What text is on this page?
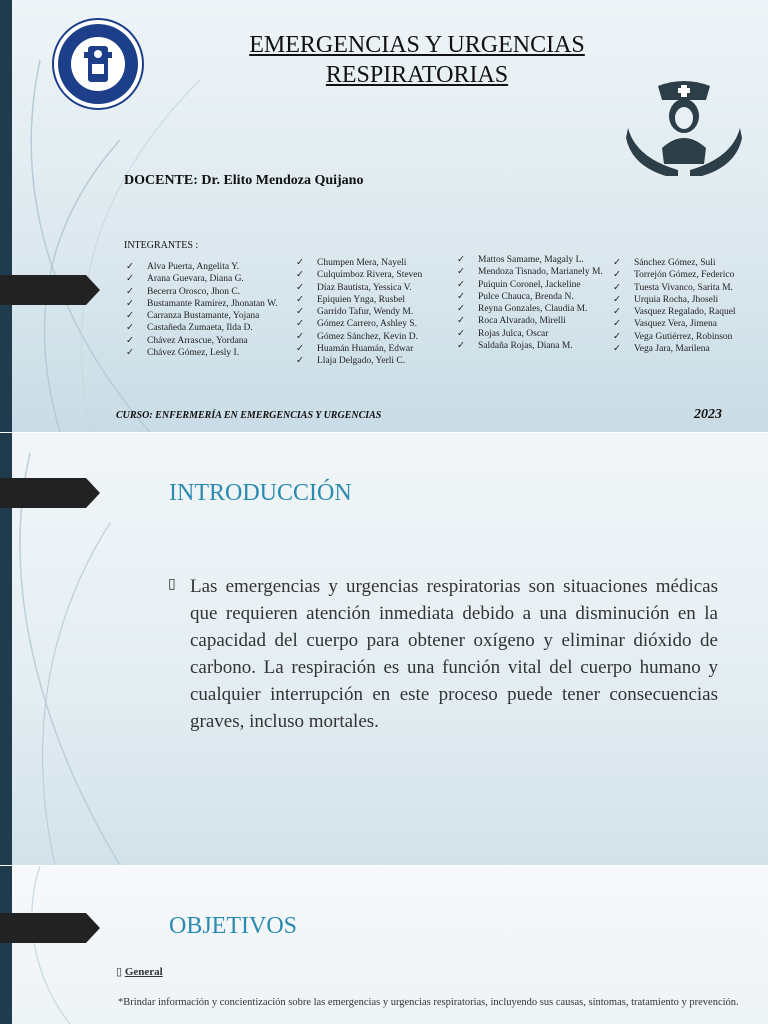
EMERGENCIAS Y URGENCIAS
RESPIRATORIAS
DOCENTE: Dr. Elito Mendoza Quijano
INTEGRANTES :
✓ Alva Puerta, Angelita Y.
✓ Arana Guevara, Diana G.
✓ Becerra Orosco, Jhon C.
✓ Bustamante Ramírez, Jhonatan W.
✓ Carranza Bustamante, Yojana
✓ Castañeda Zumaeta, Ilda D.
✓ Chávez Arrascue, Yordana
✓ Chávez Gómez, Lesly I.
✓ Chumpen Mera, Nayeli
✓ Culquimboz Rivera, Steven
✓ Díaz Bautista, Yessica V.
✓ Epiquien Ynga, Rusbel
✓ Garrido Tafur, Wendy M.
✓ Gómez Carrero, Ashley S.
✓ Gómez Sánchez, Kevin D.
✓ Huamán Huamán, Edwar
✓ Llaja Delgado, Yerli C.
✓ Mattos Samame, Magaly L.
✓ Mendoza Tisnado, Marianely M.
✓ Puiquin Coronel, Jackeline
✓ Pulce Chauca, Brenda N.
✓ Reyna Gonzales, Claudia M.
✓ Roca Alvarado, Mirelli
✓ Rojas Julca, Oscar
✓ Saldaña Rojas, Diana M.
✓ Sánchez Gómez, Suli
✓ Torrejón Gómez, Federico
✓ Tuesta Vivanco, Sarita M.
✓ Urquia Rocha, Jhoseli
✓ Vasquez Regalado, Raquel
✓ Vasquez Vera, Jimena
✓ Vega Gutiérrez, Robinson
✓ Vega Jara, Marilena
CURSO: ENFERMERÍA EN EMERGENCIAS Y URGENCIAS	2023
INTRODUCCIÓN
▯ Las emergencias y urgencias respiratorias son situaciones médicas que requieren atención inmediata debido a una disminución en la capacidad del cuerpo para obtener oxígeno y eliminar dióxido de carbono. La respiración es una función vital del cuerpo humano y cualquier interrupción en este proceso puede tener consecuencias graves, incluso mortales.
OBJETIVOS
▯ General
*Brindar información y concientización sobre las emergencias y urgencias respiratorias, incluyendo sus causas, síntomas, tratamiento y prevención.
